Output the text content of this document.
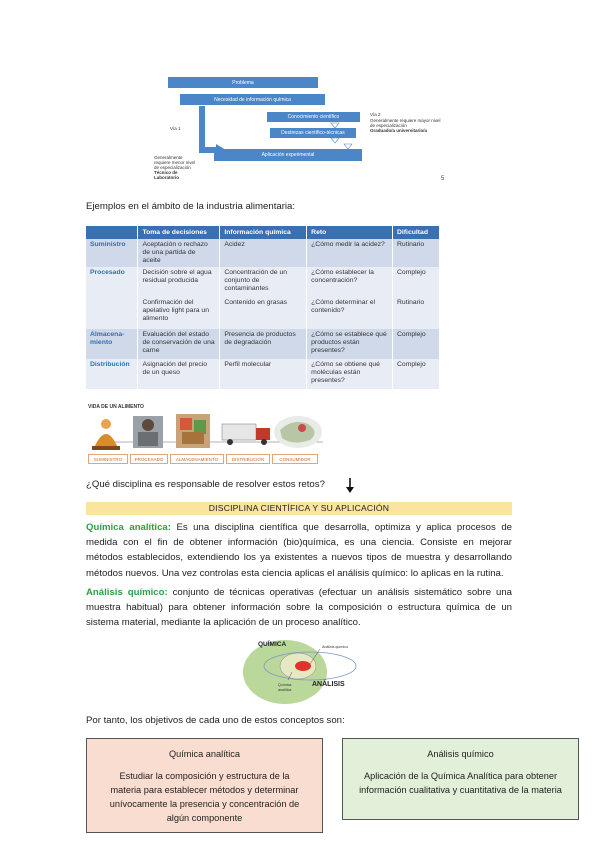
Problema
Necesidad de información química
Conocimiento científico
Destrezas científico-técnicas
Aplicación experimental
Vía 1
Vía 2
Generalmente requiere mayor nivel
de especialización
Graduado/a universitario/a
Generalmente
requiere menor nivel
de especialización
Técnico de
Laboratorio	5
Ejemplos en el ámbito de la industria alimentaria:
	Toma de decisiones	Información química	Reto	Dificultad
Suministro	Aceptación o rechazo de una partida de aceite	Acidez	¿Cómo medir la acidez?	Rutinario
Procesado	Decisión sobre el agua residual producida	Concentración de un conjunto de contaminantes	¿Cómo establecer la concentración?	Complejo
	Confirmación del apelativo light para un alimento	Contenido en grasas	¿Cómo determinar el contenido?	Rutinario
Almacena-miento	Evaluación del estado de conservación de una carne	Presencia de productos de degradación	¿Cómo se establece qué productos están presentes?	Complejo
Distribución	Asignación del precio de un queso	Perfil molecular	¿Cómo se obtiene qué moléculas están presentes?	Complejo
VIDA DE UN ALIMENTO
SUMINISTRO	PROCESADO	ALMACENAMIENTO	DISTRIBUCIÓN	CONSUMIDOR
¿Qué disciplina es responsable de resolver estos retos?
DISCIPLINA CIENTÍFICA Y SU APLICACIÓN
Química analítica: Es una disciplina científica que desarrolla, optimiza y aplica procesos de medida con el fin de obtener información (bio)química, es una ciencia. Consiste en mejorar métodos establecidos, extendiendo los ya existentes a nuevos tipos de muestra y desarrollando métodos nuevos. Una vez controlas esta ciencia aplicas el análisis químico: lo aplicas en la rutina.
Análisis químico: conjunto de técnicas operativas (efectuar un análisis sistemático sobre una muestra habitual) para obtener información sobre la composición o estructura química de un sistema material, mediante la aplicación de un proceso analítico.
QUÍMICA
ANÁLISIS
Análisis químico
Química analítica
Por tanto, los objetivos de cada uno de estos conceptos son:
Química analítica
Estudiar la composición y estructura de la materia para establecer métodos y determinar unívocamente la presencia y concentración de algún componente
Análisis químico
Aplicación de la Química Analítica para obtener información cualitativa y cuantitativa de la materia
